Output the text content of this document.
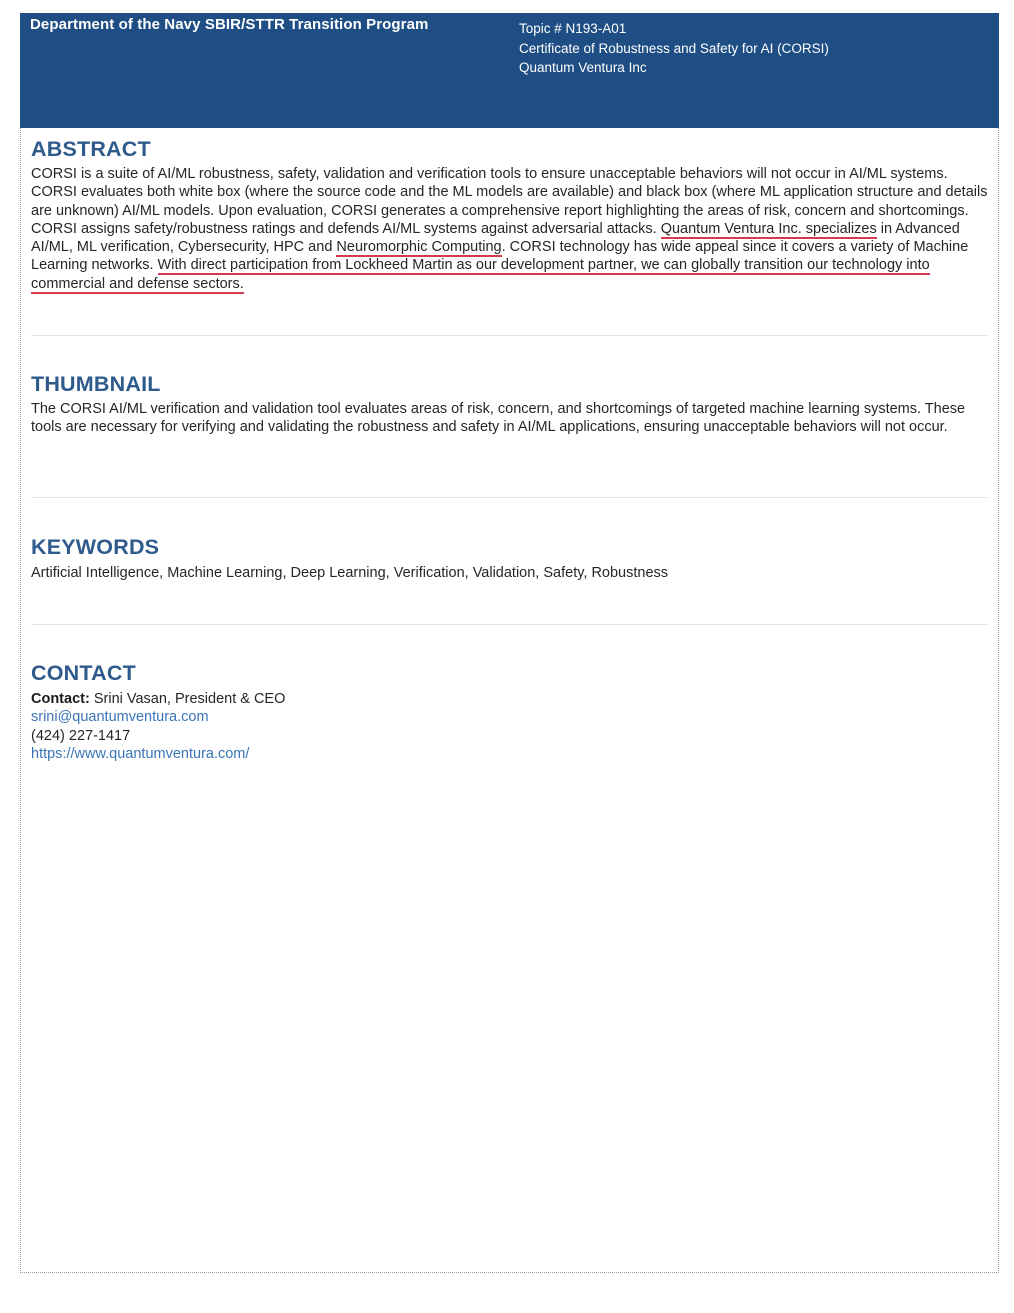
Department of the Navy SBIR/STTR Transition Program	Topic # N193-A01
Certificate of Robustness and Safety for AI (CORSI)
Quantum Ventura Inc
ABSTRACT
CORSI is a suite of AI/ML robustness, safety, validation and verification tools to ensure unacceptable behaviors will not occur in AI/ML systems. CORSI evaluates both white box (where the source code and the ML models are available) and black box (where ML application structure and details are unknown) AI/ML models. Upon evaluation, CORSI generates a comprehensive report highlighting the areas of risk, concern and shortcomings. CORSI assigns safety/robustness ratings and defends AI/ML systems against adversarial attacks. Quantum Ventura Inc. specializes in Advanced AI/ML, ML verification, Cybersecurity, HPC and Neuromorphic Computing. CORSI technology has wide appeal since it covers a variety of Machine Learning networks. With direct participation from Lockheed Martin as our development partner, we can globally transition our technology into commercial and defense sectors.
THUMBNAIL
The CORSI AI/ML verification and validation tool evaluates areas of risk, concern, and shortcomings of targeted machine learning systems. These tools are necessary for verifying and validating the robustness and safety in AI/ML applications, ensuring unacceptable behaviors will not occur.
KEYWORDS
Artificial Intelligence, Machine Learning, Deep Learning, Verification, Validation, Safety, Robustness
CONTACT
Contact: Srini Vasan, President & CEO
srini@quantumventura.com
(424) 227-1417
https://www.quantumventura.com/
